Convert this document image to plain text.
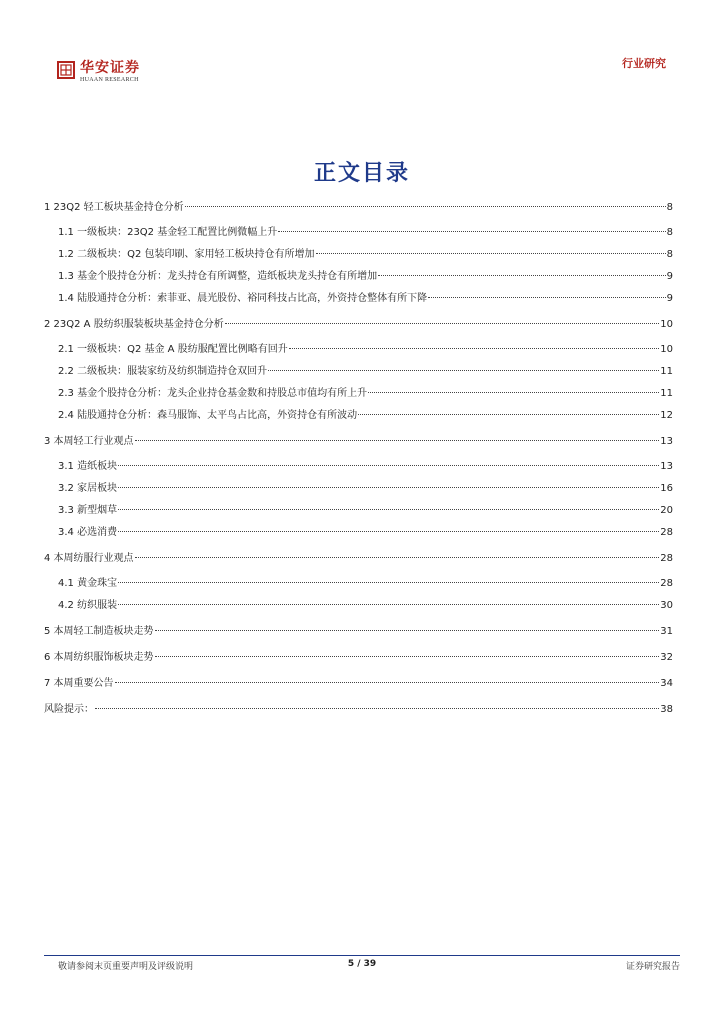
华安证券
HUAAN RESEARCH
行业研究
正文目录
1 23Q2 轻工板块基金持仓分析	8
1.1 一级板块：23Q2 基金轻工配置比例微幅上升	8
1.2 二级板块：Q2 包装印刷、家用轻工板块持仓有所增加	8
1.3 基金个股持仓分析：龙头持仓有所调整，造纸板块龙头持仓有所增加	9
1.4 陆股通持仓分析：索菲亚、晨光股份、裕同科技占比高，外资持仓整体有所下降	9
2 23Q2 A 股纺织服装板块基金持仓分析	10
2.1 一级板块：Q2 基金 A 股纺服配置比例略有回升	10
2.2 二级板块：服装家纺及纺织制造持仓双回升	11
2.3 基金个股持仓分析：龙头企业持仓基金数和持股总市值均有所上升	11
2.4 陆股通持仓分析：森马服饰、太平鸟占比高，外资持仓有所波动	12
3 本周轻工行业观点	13
3.1 造纸板块	13
3.2 家居板块	16
3.3 新型烟草	20
3.4 必选消费	28
4 本周纺服行业观点	28
4.1 黄金珠宝	28
4.2 纺织服装	30
5 本周轻工制造板块走势	31
6 本周纺织服饰板块走势	32
7 本周重要公告	34
风险提示：	38
敬请参阅末页重要声明及评级说明	5 / 39	证券研究报告
